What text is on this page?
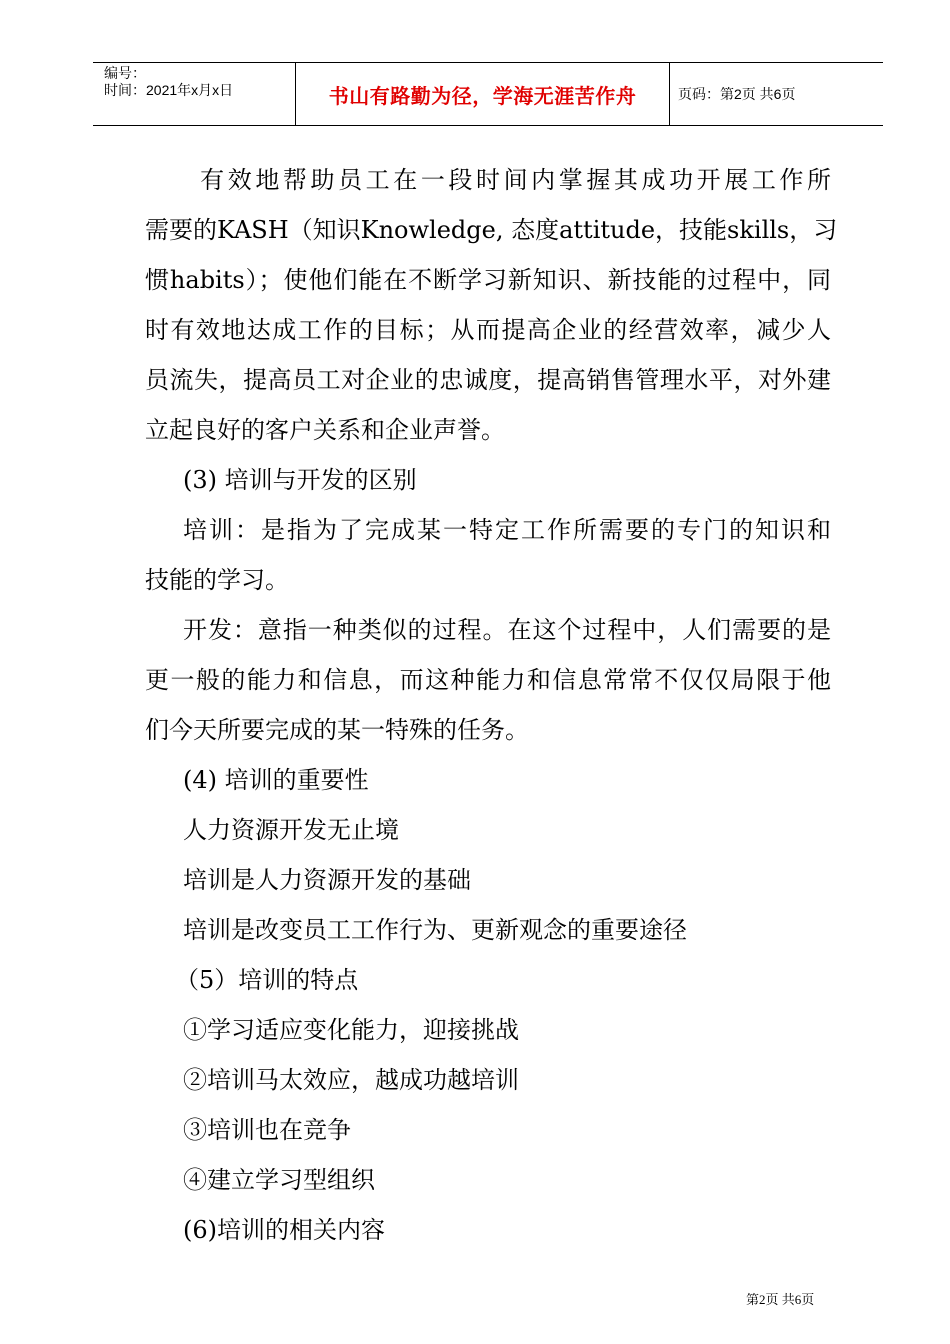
编号：
时间：2021年x月x日	书山有路勤为径，学海无涯苦作舟	页码：第2页 共6页
　　有效地帮助员工在一段时间内掌握其成功开展工作所
需要的KASH（知识Knowledge, 态度attitude，技能skills，习
惯habits）；使他们能在不断学习新知识、新技能的过程中，同
时有效地达成工作的目标；从而提高企业的经营效率，减少人
员流失，提高员工对企业的忠诚度，提高销售管理水平，对外建
立起良好的客户关系和企业声誉。
(3) 培训与开发的区别
培训：是指为了完成某一特定工作所需要的专门的知识和
技能的学习。
开发：意指一种类似的过程。在这个过程中，人们需要的是
更一般的能力和信息，而这种能力和信息常常不仅仅局限于他
们今天所要完成的某一特殊的任务。
(4) 培训的重要性
人力资源开发无止境
培训是人力资源开发的基础
培训是改变员工工作行为、更新观念的重要途径
（5）培训的特点
①学习适应变化能力，迎接挑战
②培训马太效应，越成功越培训
③培训也在竞争
④建立学习型组织
(6)培训的相关内容
第2页 共6页
